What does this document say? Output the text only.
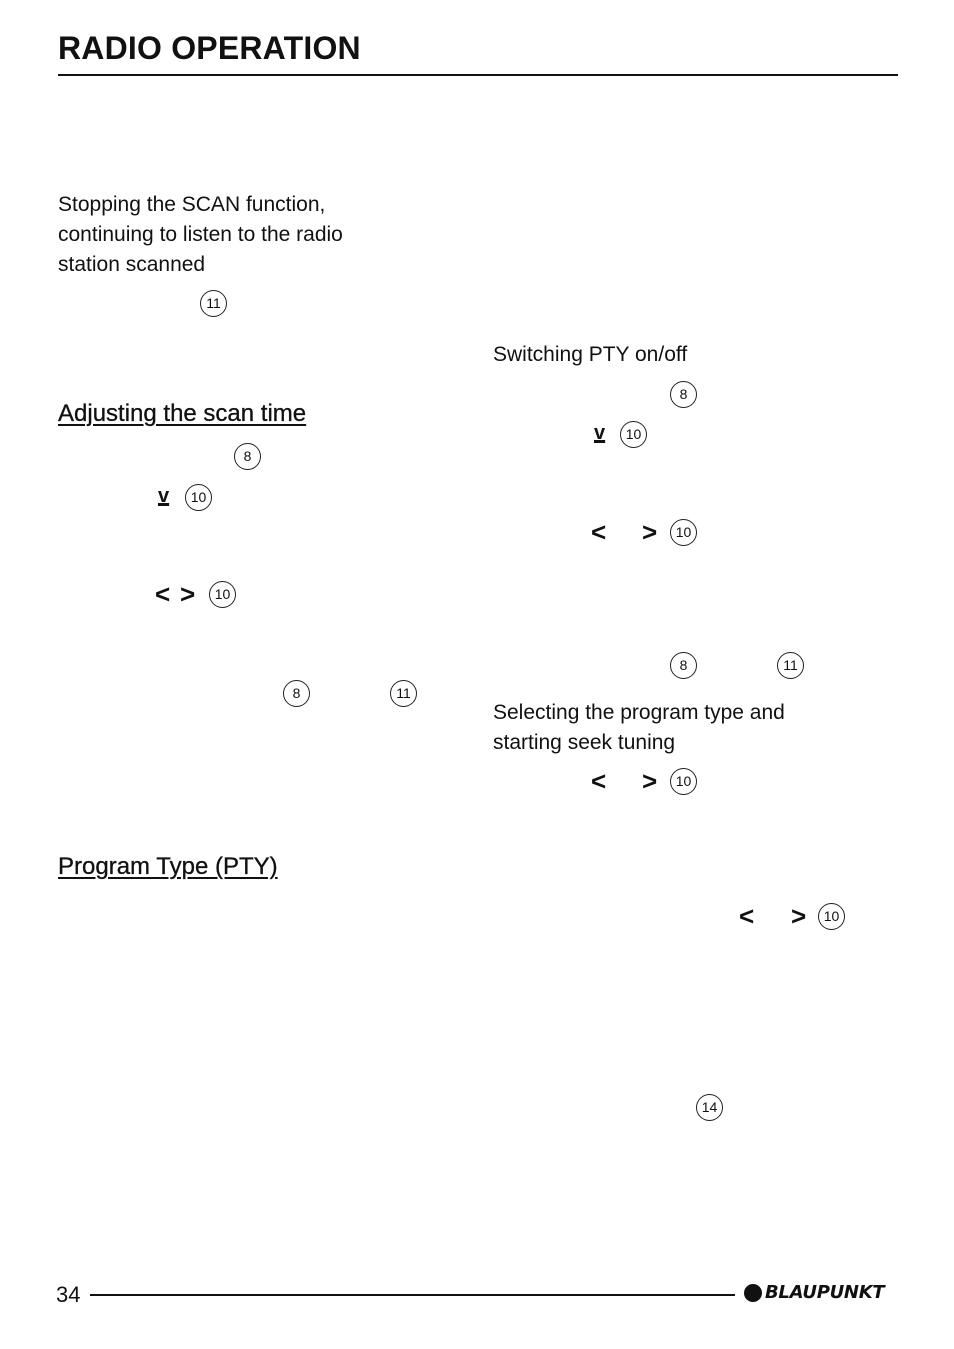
RADIO OPERATION

Stopping the SCAN function,

continuing to listen to the radio

station scanned

11
Adjusting the scan time
8
v	10
< >	10
8	11
Program Type (PTY)

Switching PTY on/off

8
v	10
< >	10
8	11

Selecting the program type and

starting seek tuning

< >	10
< >	10
14
34	BLAUPUNKT
